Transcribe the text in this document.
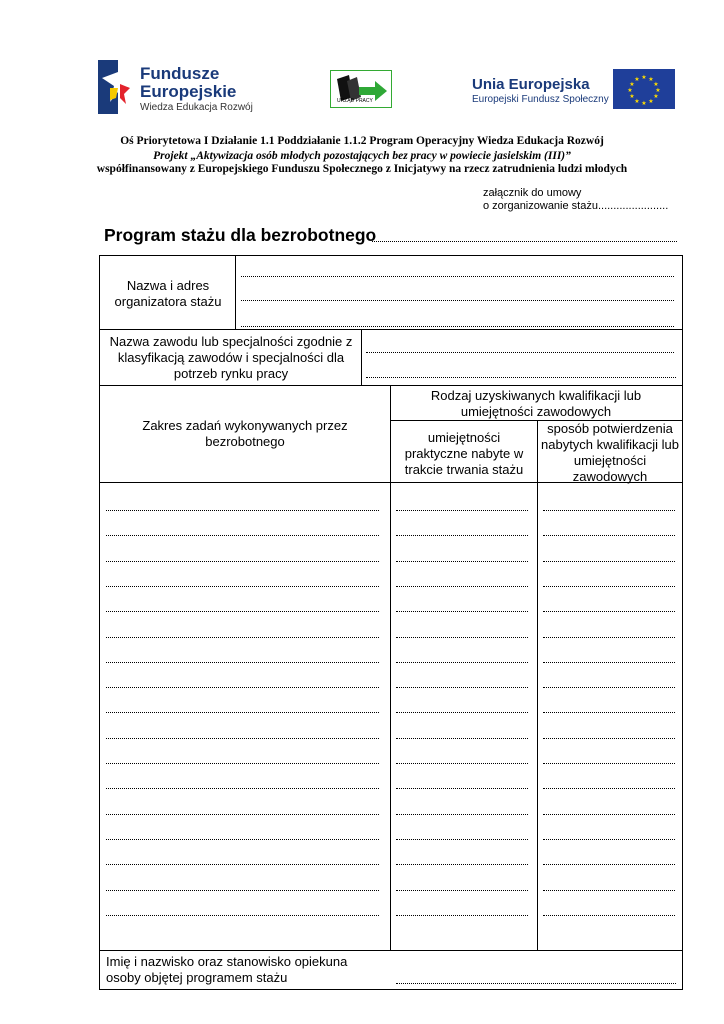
Fundusze
Europejskie
Wiedza Edukacja Rozwój
URZĄD PRACY
Unia Europejska
Europejski Fundusz Społeczny
★ ★
★
★
★
★
★
★
★
★
★
★
Oś Priorytetowa I Działanie 1.1 Poddziałanie 1.1.2 Program Operacyjny Wiedza Edukacja Rozwój
Projekt „Aktywizacja osób młodych pozostających bez pracy w powiecie jasielskim (III)”
współfinansowany z Europejskiego Funduszu Społecznego z Inicjatywy na rzecz zatrudnienia ludzi młodych
załącznik do umowy
o zorganizowanie stażu.......................
Program stażu dla bezrobotnego
Nazwa i adres organizatora stażu
Nazwa zawodu lub specjalności zgodnie z klasyfikacją zawodów i specjalności dla potrzeb rynku pracy
Zakres zadań wykonywanych przez bezrobotnego
Rodzaj uzyskiwanych kwalifikacji lub umiejętności zawodowych
umiejętności praktyczne nabyte w trakcie trwania stażu
sposób potwierdzenia nabytych kwalifikacji lub umiejętności zawodowych
Imię i nazwisko oraz stanowisko opiekuna osoby objętej programem stażu
